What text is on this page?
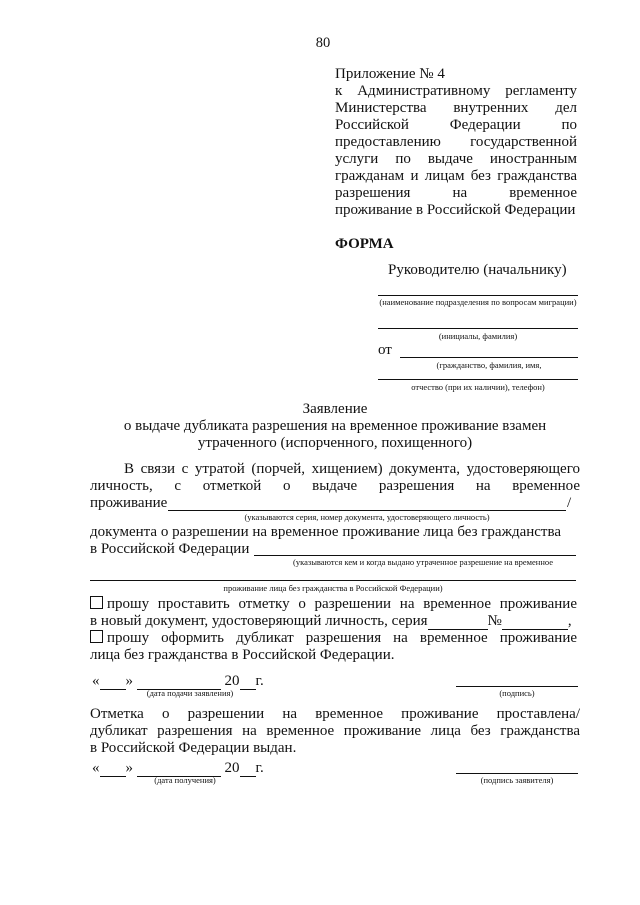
80
Приложение № 4
к Административному регламенту
Министерства внутренних дел
Российской Федерации по
предоставлению государственной
услуги по выдаче иностранным
гражданам и лицам без гражданства
разрешения на временное
проживание в Российской Федерации
ФОРМА
Руководителю (начальнику)
(наименование подразделения по вопросам миграции)
(инициалы, фамилия)
от
(гражданство, фамилия, имя,
отчество (при их наличии), телефон)
Заявление
о выдаче дубликата разрешения на временное проживание взамен
утраченного (испорченного, похищенного)
В связи с утратой (порчей, хищением) документа, удостоверяющего
личность, с отметкой о выдаче разрешения на временное
проживание	/
(указываются серия, номер документа, удостоверяющего личность)
документа о разрешении на временное проживание лица без гражданства
в Российской Федерации
(указываются кем и когда выдано утраченное разрешение на временное
проживание лица без гражданства в Российской Федерации)
прошу проставить отметку о разрешении на временное проживание
в новый документ, удостоверяющий личность, серия	№	,
прошу оформить дубликат разрешения на временное проживание
лица без гражданства в Российской Федерации.
« »	20 г.
(дата подачи заявления)	(подпись)
Отметка о разрешении на временное проживание проставлена/
дубликат разрешения на временное проживание лица без гражданства
в Российской Федерации выдан.
« »	20 г.
(дата получения)	(подпись заявителя)
